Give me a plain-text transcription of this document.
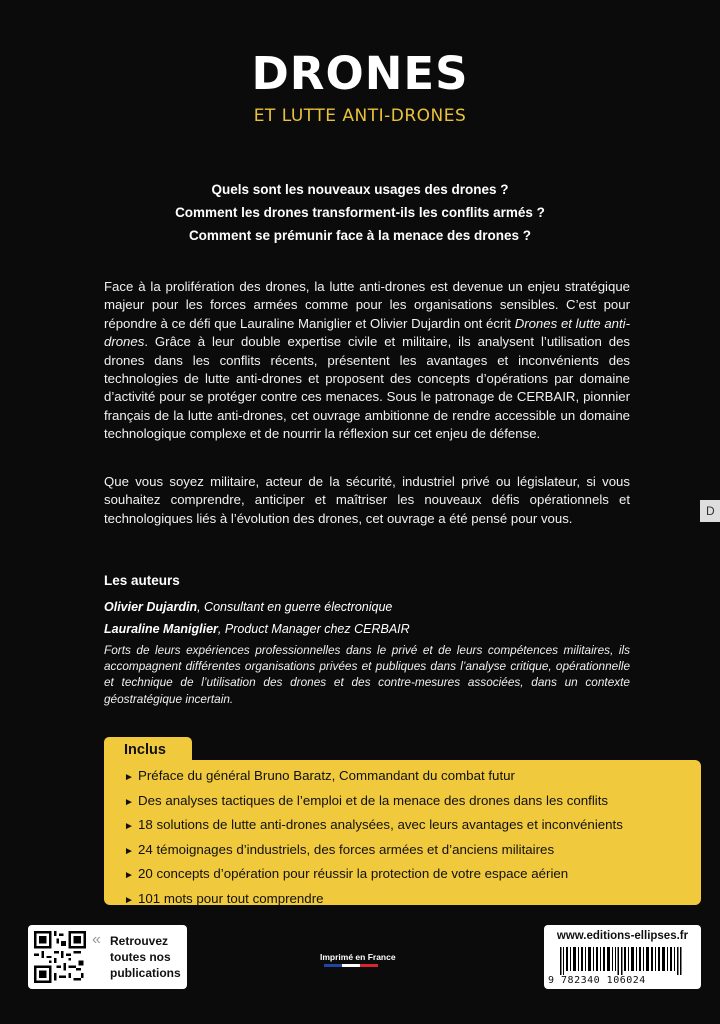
DRONES
ET LUTTE ANTI-DRONES
Quels sont les nouveaux usages des drones ?
Comment les drones transforment-ils les conflits armés ?
Comment se prémunir face à la menace des drones ?
Face à la prolifération des drones, la lutte anti-drones est devenue un enjeu stratégique majeur pour les forces armées comme pour les organisations sensibles. C’est pour répondre à ce défi que Lauraline Maniglier et Olivier Dujardin ont écrit Drones et lutte anti-drones. Grâce à leur double expertise civile et militaire, ils analysent l’utilisation des drones dans les conflits récents, présentent les avantages et inconvénients des technologies de lutte anti-drones et proposent des concepts d’opérations par domaine d’activité pour se protéger contre ces menaces. Sous le patronage de CERBAIR, pionnier français de la lutte anti-drones, cet ouvrage ambitionne de rendre accessible un domaine technologique complexe et de nourrir la réflexion sur cet enjeu de défense.
Que vous soyez militaire, acteur de la sécurité, industriel privé ou législateur, si vous souhaitez comprendre, anticiper et maîtriser les nouveaux défis opérationnels et technologiques liés à l’évolution des drones, cet ouvrage a été pensé pour vous.
Les auteurs
Olivier Dujardin, Consultant en guerre électronique
Lauraline Maniglier, Product Manager chez CERBAIR
Forts de leurs expériences professionnelles dans le privé et de leurs compétences militaires, ils accompagnent différentes organisations privées et publiques dans l’analyse critique, opérationnelle et technique de l’utilisation des drones et des contre-mesures associées, dans un contexte géostratégique incertain.
Inclus
► Préface du général Bruno Baratz, Commandant du combat futur
► Des analyses tactiques de l’emploi et de la menace des drones dans les conflits
► 18 solutions de lutte anti-drones analysées, avec leurs avantages et inconvénients
► 24 témoignages d’industriels, des forces armées et d’anciens militaires
► 20 concepts d’opération pour réussir la protection de votre espace aérien
► 101 mots pour tout comprendre
« Retrouvez
toutes nos
publications
Imprimé en France
www.editions-ellipses.fr
9 782340 106024
D
